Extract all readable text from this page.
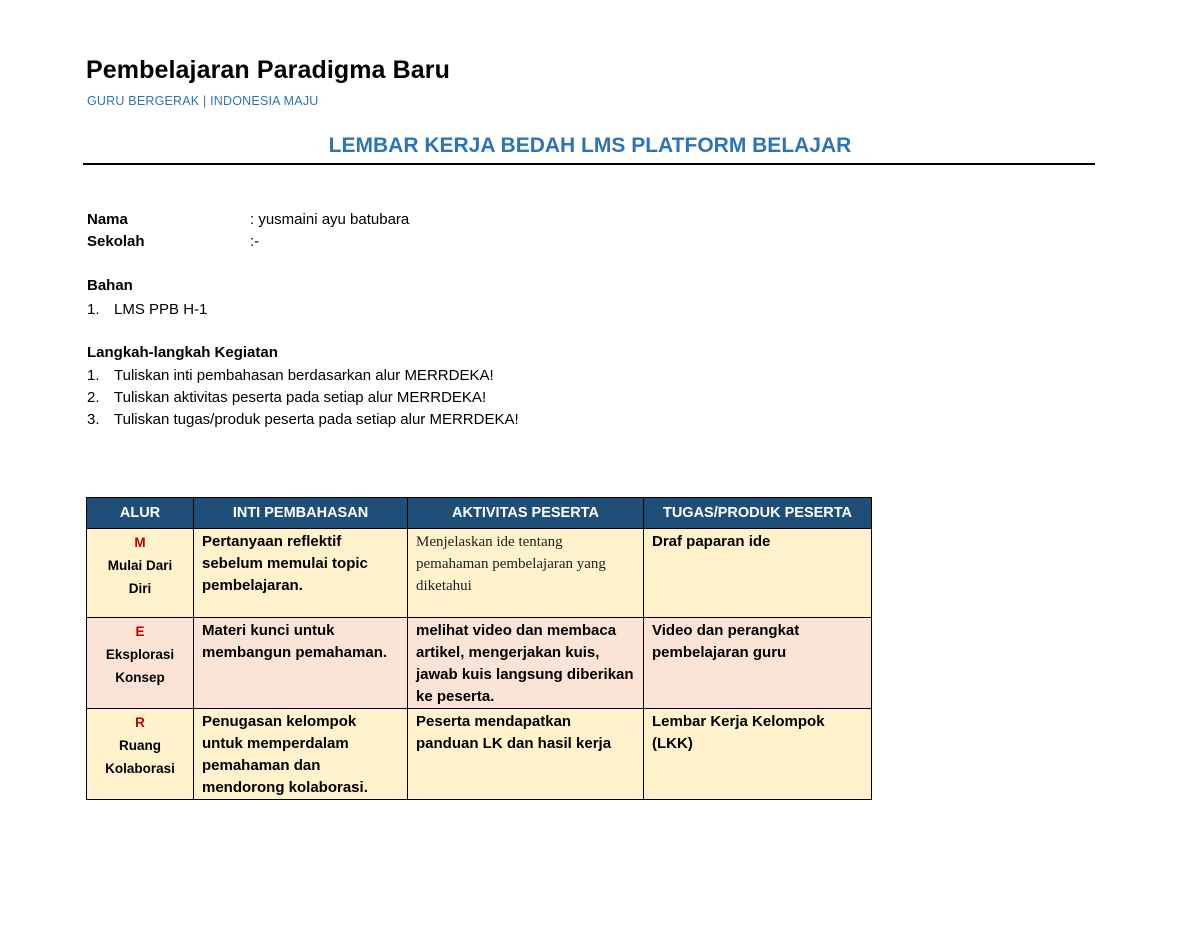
Pembelajaran Paradigma Baru
GURU BERGERAK | INDONESIA MAJU
LEMBAR KERJA BEDAH LMS PLATFORM BELAJAR
Nama	: yusmaini ayu batubara
Sekolah	:-
Bahan
1. LMS PPB H-1
Langkah-langkah Kegiatan
1. Tuliskan inti pembahasan berdasarkan alur MERRDEKA!
2. Tuliskan aktivitas peserta pada setiap alur MERRDEKA!
3. Tuliskan tugas/produk peserta pada setiap alur MERRDEKA!
ALUR	INTI PEMBAHASAN	AKTIVITAS PESERTA	TUGAS/PRODUK PESERTA

M
Mulai Dari
Diri	Pertanyaan reflektif sebelum memulai topic pembelajaran.	Menjelaskan ide tentang pemahaman pembelajaran yang diketahui	Draf paparan ide

E
Eksplorasi
Konsep	Materi kunci untuk membangun pemahaman.	melihat video dan membaca artikel, mengerjakan kuis, jawab kuis langsung diberikan ke peserta.	Video dan perangkat pembelajaran guru

R
Ruang
Kolaborasi	Penugasan kelompok untuk memperdalam pemahaman dan mendorong kolaborasi.	Peserta mendapatkan panduan LK dan hasil kerja	Lembar Kerja Kelompok (LKK)
